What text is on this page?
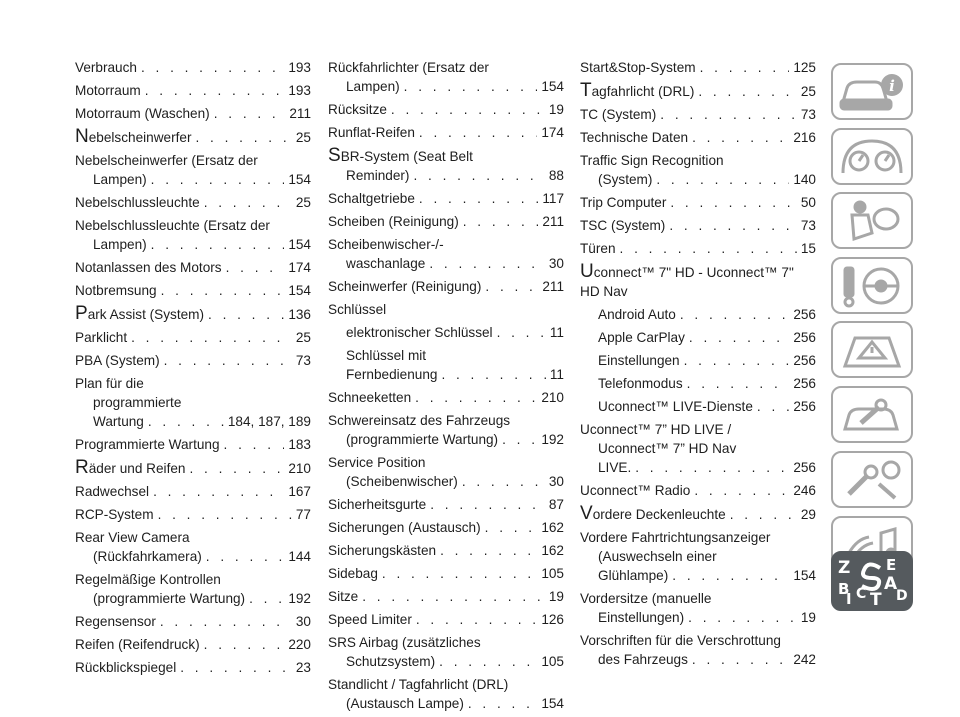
Verbrauch . . .	193
Motorraum . . .	193
Motorraum (Waschen) . . .	211
N ebelscheinwerfer . . .	25
Nebelscheinwerfer (Ersatz der
Lampen) . . .	154
Nebelschlussleuchte . . .	25
Nebelschlussleuchte (Ersatz der
Lampen) . . .	154
Notanlassen des Motors . . .	174
Notbremsung . . .	154
P ark Assist (System) . . .	136
Parklicht . . .	25
PBA (System) . . .	73
Plan für die
programmierte
Wartung . . .	184, 187, 189
Programmierte Wartung . . .	183
R äder und Reifen . . .	210
Radwechsel . . .	167
RCP-System . . .	77
Rear View Camera
(Rückfahrkamera) . . .	144
Regelmäßige Kontrollen
(programmierte Wartung) . . .	192
Regensensor . . .	30
Reifen (Reifendruck) . . .	220
Rückblickspiegel . . .	23
Rückfahrlichter (Ersatz der
Lampen) . . .	154
Rücksitze . . .	19
Runflat-Reifen . . .	174
S BR-System (Seat Belt
Reminder) . . .	88
Schaltgetriebe . . .	117
Scheiben (Reinigung) . . .	211
Scheibenwischer-/-
waschanlage . . .	30
Scheinwerfer (Reinigung) . . .	211
Schlüssel
elektronischer Schlüssel . . .	11
Schlüssel mit
Fernbedienung . . .	11
Schneeketten . . .	210
Schwereinsatz des Fahrzeugs
(programmierte Wartung) . . .	192
Service Position
(Scheibenwischer) . . .	30
Sicherheitsgurte . . .	87
Sicherungen (Austausch) . . .	162
Sicherungskästen . . .	162
Sidebag . . .	105
Sitze . . .	19
Speed Limiter . . .	126
SRS Airbag (zusätzliches
Schutzsystem) . . .	105
Standlicht / Tagfahrlicht (DRL)
(Austausch Lampe) . . .	154
Start&Stop-System . . .	125
T agfahrlicht (DRL) . . .	25
TC (System) . . .	73
Technische Daten . . .	216
Traffic Sign Recognition
(System) . . .	140
Trip Computer . . .	50
TSC (System) . . .	73
Türen . . .	15
U connect™ 7" HD - Uconnect™ 7"
HD Nav
Android Auto . . .	256
Apple CarPlay . . .	256
Einstellungen . . .	256
Telefonmodus . . .	256
Uconnect™ LIVE-Dienste . . .	256
Uconnect™ 7” HD LIVE /
Uconnect™ 7” HD Nav
LIVE. . . .	256
Uconnect™ Radio . . .	246
V ordere Deckenleuchte . . .	29
Vordere Fahrtrichtungsanzeiger
(Auswechseln einer
Glühlampe) . . .	154
Vordersitze (manuelle
Einstellungen) . . .	19
Vorschriften für die Verschrottung
des Fahrzeugs . . .	242
i
Z E
B A
C D
I T
